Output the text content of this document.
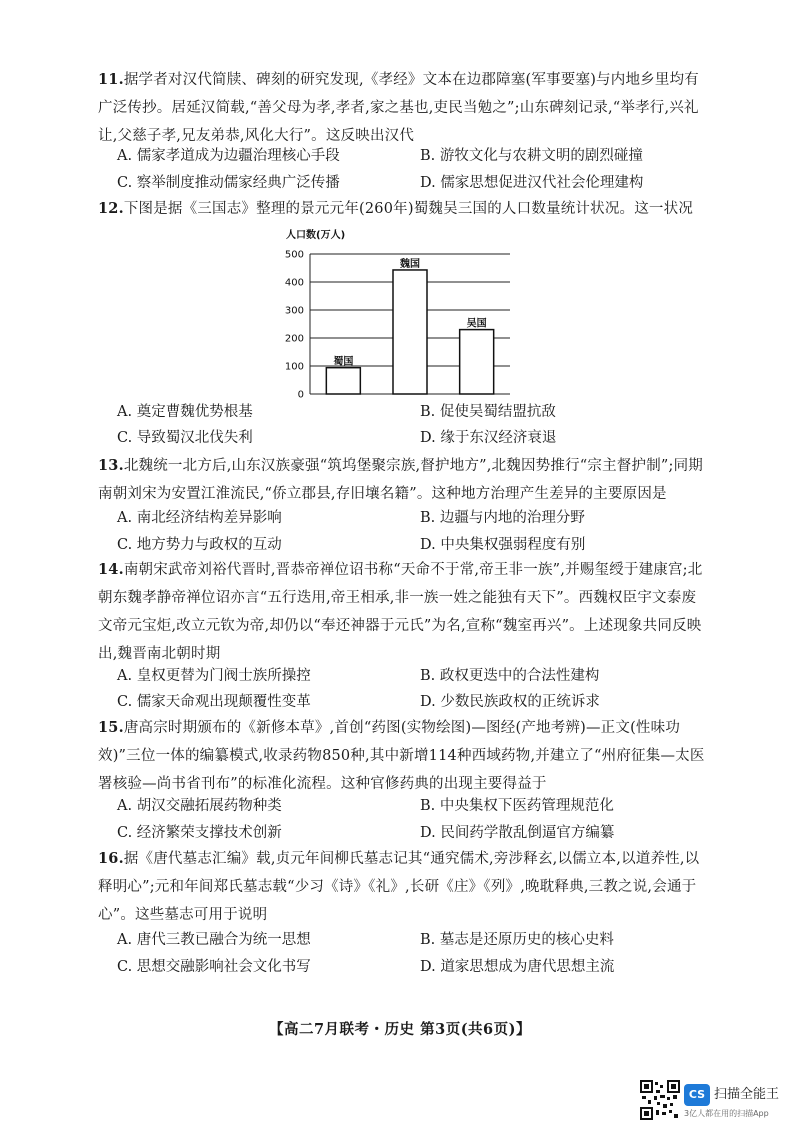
11.据学者对汉代简牍、碑刻的研究发现,《孝经》文本在边郡障塞(军事要塞)与内地乡里均有广泛传抄。居延汉简载,“善父母为孝,孝者,家之基也,吏民当勉之”;山东碑刻记录,“举孝行,兴礼让,父慈子孝,兄友弟恭,风化大行”。这反映出汉代
A. 儒家孝道成为边疆治理核心手段	B. 游牧文化与农耕文明的剧烈碰撞
C. 察举制度推动儒家经典广泛传播	D. 儒家思想促进汉代社会伦理建构
12.下图是据《三国志》整理的景元元年(260年)蜀魏吴三国的人口数量统计状况。这一状况
人口数(万人)
0
100
200
300
400
500
蜀国
魏国
吴国
A. 奠定曹魏优势根基	B. 促使吴蜀结盟抗敌
C. 导致蜀汉北伐失利	D. 缘于东汉经济衰退
13.北魏统一北方后,山东汉族豪强“筑坞堡聚宗族,督护地方”,北魏因势推行“宗主督护制”;同期南朝刘宋为安置江淮流民,“侨立郡县,存旧壤名籍”。这种地方治理产生差异的主要原因是
A. 南北经济结构差异影响	B. 边疆与内地的治理分野
C. 地方势力与政权的互动	D. 中央集权强弱程度有别
14.南朝宋武帝刘裕代晋时,晋恭帝禅位诏书称“天命不于常,帝王非一族”,并赐玺绶于建康宫;北朝东魏孝静帝禅位诏亦言“五行迭用,帝王相承,非一族一姓之能独有天下”。西魏权臣宇文泰废文帝元宝炬,改立元钦为帝,却仍以“奉还神器于元氏”为名,宣称“魏室再兴”。上述现象共同反映出,魏晋南北朝时期
A. 皇权更替为门阀士族所操控	B. 政权更迭中的合法性建构
C. 儒家天命观出现颠覆性变革	D. 少数民族政权的正统诉求
15.唐高宗时期颁布的《新修本草》,首创“药图(实物绘图)—图经(产地考辨)—正文(性味功效)”三位一体的编纂模式,收录药物850种,其中新增114种西域药物,并建立了“州府征集—太医署核验—尚书省刊布”的标准化流程。这种官修药典的出现主要得益于
A. 胡汉交融拓展药物种类	B. 中央集权下医药管理规范化
C. 经济繁荣支撑技术创新	D. 民间药学散乱倒逼官方编纂
16.据《唐代墓志汇编》载,贞元年间柳氏墓志记其“通究儒术,旁涉释玄,以儒立本,以道养性,以释明心”;元和年间郑氏墓志载“少习《诗》《礼》,长研《庄》《列》,晚耽释典,三教之说,会通于心”。这些墓志可用于说明
A. 唐代三教已融合为统一思想	B. 墓志是还原历史的核心史料
C. 思想交融影响社会文化书写	D. 道家思想成为唐代思想主流
【高二7月联考・历史 第3页(共6页)】
CS 扫描全能王
3亿人都在用的扫描App
